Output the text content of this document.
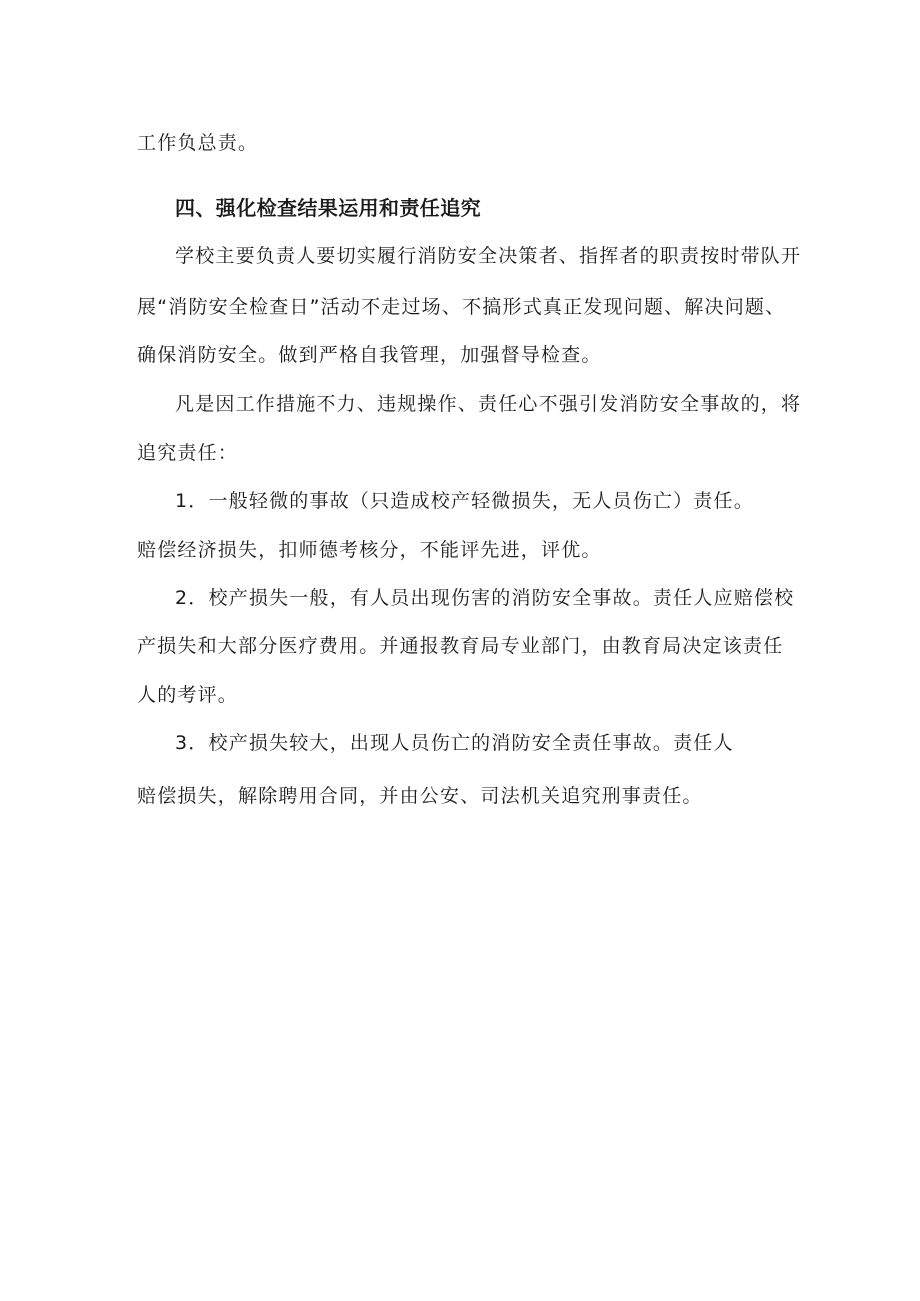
工作负总责。
四、强化检查结果运用和责任追究
学校主要负责人要切实履行消防安全决策者、指挥者的职责按时带队开
展“消防安全检查日”活动不走过场、不搞形式真正发现问题、解决问题、
确保消防安全。做到严格自我管理，加强督导检查。
凡是因工作措施不力、违规操作、责任心不强引发消防安全事故的，将
追究责任：
1．一般轻微的事故（只造成校产轻微损失，无人员伤亡）责任。
赔偿经济损失，扣师德考核分，不能评先进，评优。
2．校产损失一般，有人员出现伤害的消防安全事故。责任人应赔偿校
产损失和大部分医疗费用。并通报教育局专业部门，由教育局决定该责任
人的考评。
3．校产损失较大，出现人员伤亡的消防安全责任事故。责任人
赔偿损失，解除聘用合同，并由公安、司法机关追究刑事责任。
